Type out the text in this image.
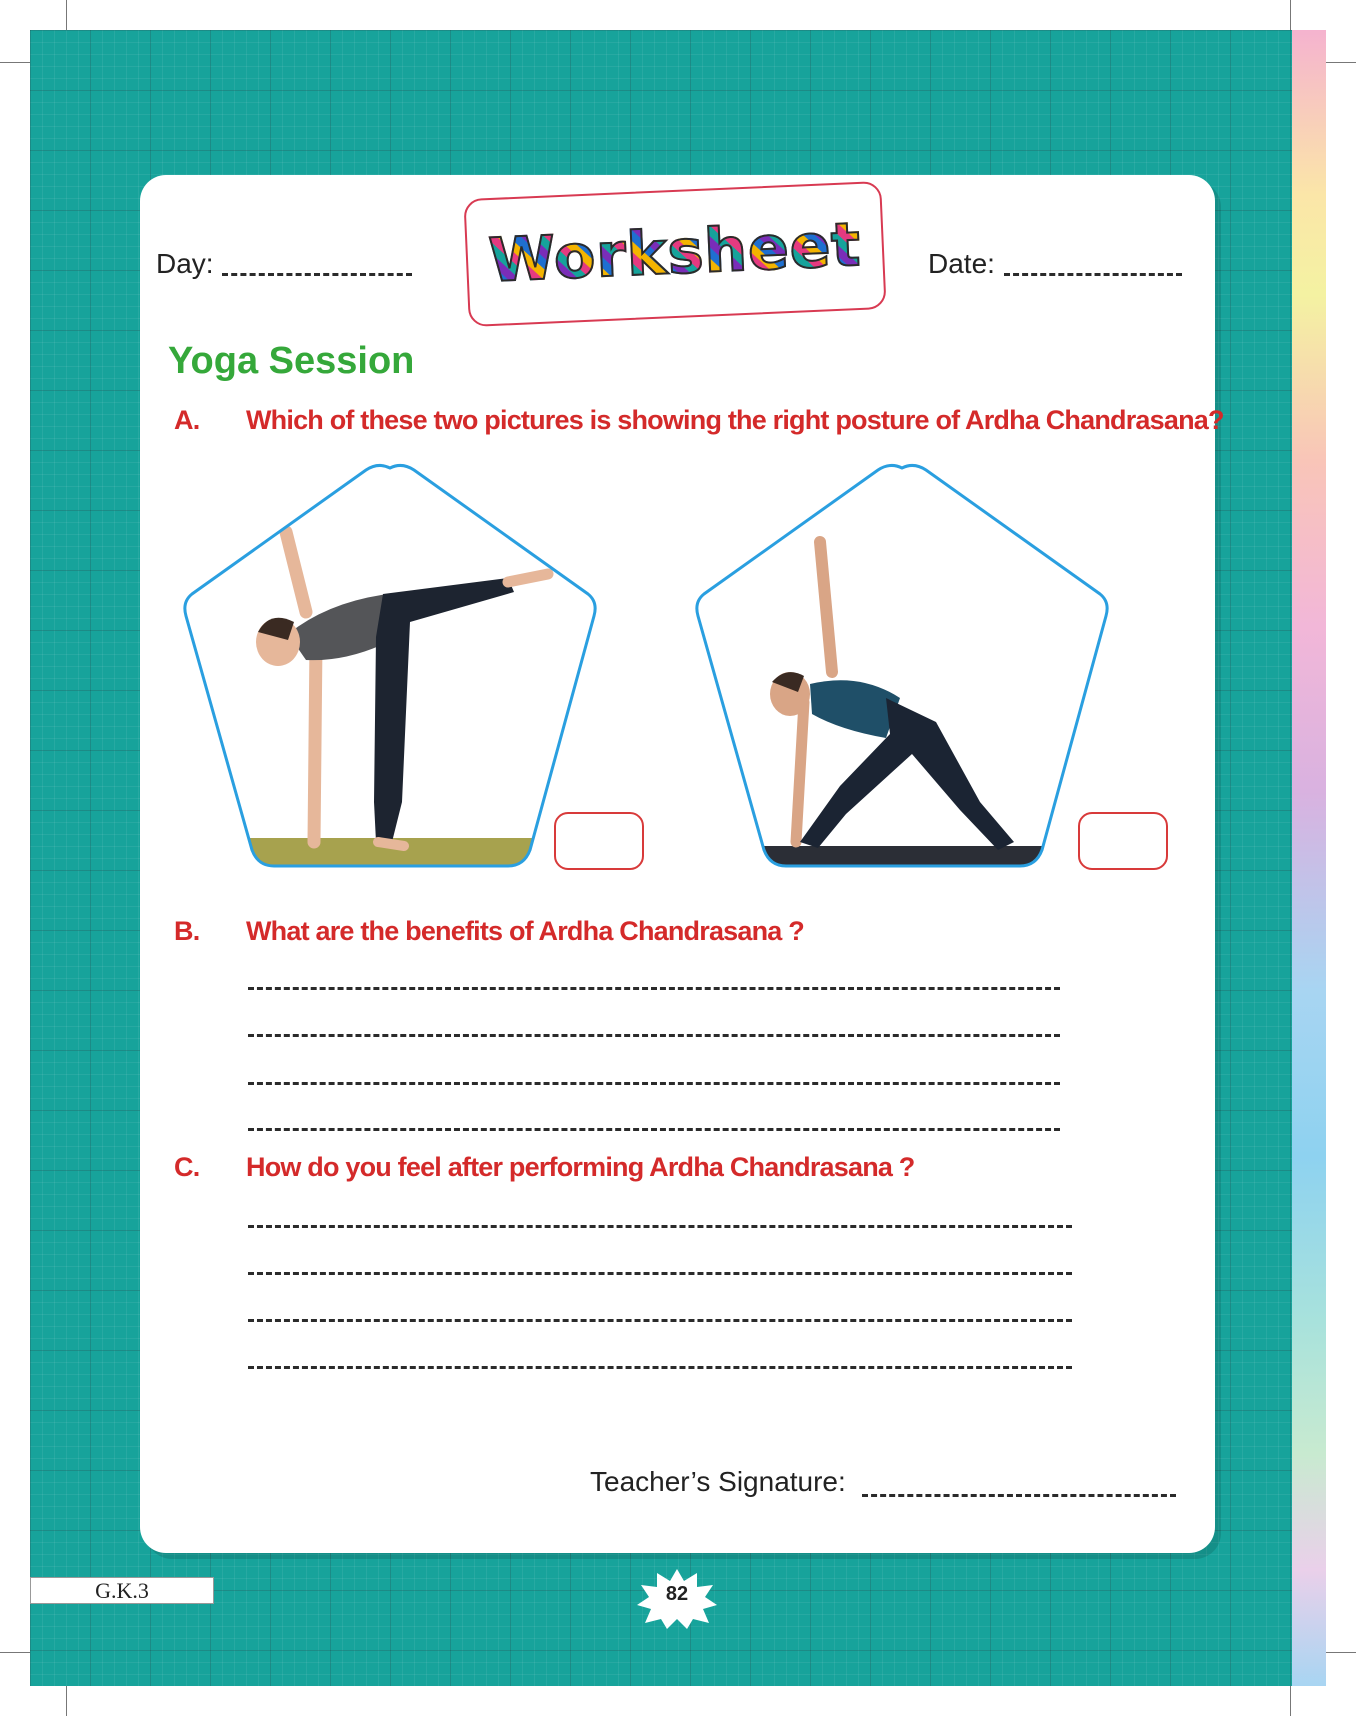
Day:	Worksheet Date:
Yoga Session
A. Which of these two pictures is showing the right posture of Ardha Chandrasana?
B. What are the benefits of Ardha Chandrasana ?
C. How do you feel after performing Ardha Chandrasana ?
Teacher’s Signature:
G.K.3	82
